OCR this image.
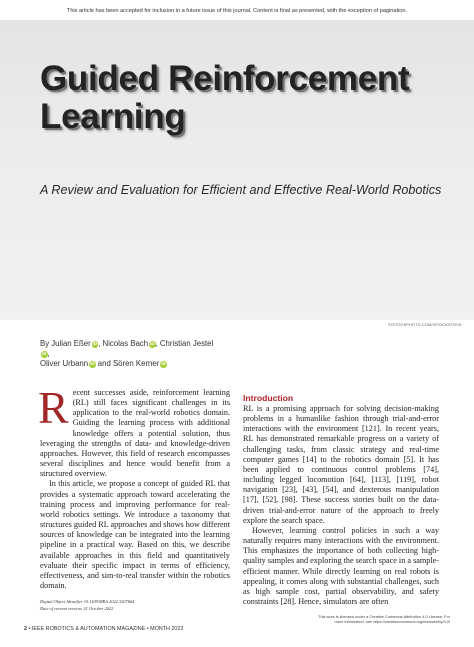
This article has been accepted for inclusion in a future issue of this journal. Content is final as presented, with the exception of pagination.
Guided Reinforcement
Learning
A Review and Evaluation for Efficient and Effective Real-World Robotics
©ISTOCKPHOTO.COM/ISTOCKSTOCK
By Julian Eßer iD, Nicolas Bach iD, Christian JesteliD,
Oliver Urbann iD and Sören Kerner iD

Recent successes aside, reinforcement learning (RL) still faces significant challenges in its application to the real-world robotics domain. Guiding the learning process with additional knowledge offers a potential solution, thus leveraging the strengths of data- and knowledge-driven approaches. However, this field of research encompasses several disciplines and hence would benefit from a structured overview.

In this article, we propose a concept of guided RL that provides a systematic approach toward accelerating the training process and improving performance for real-world robotics settings. We introduce a taxonomy that structures guided RL approaches and shows how different sources of knowledge can be integrated into the learning pipeline in a practical way. Based on this, we describe available approaches in this field and quantitatively evaluate their specific impact in terms of efficiency, effectiveness, and sim-to-real transfer within the robotics domain.

Digital Object Identifier 10.1109/MRA.2022.3207664
Date of current version: 21 October 2022
Introduction

RL is a promising approach for solving decision-making problems in a humanlike fashion through trial-and-error interactions with the environment [121]. In recent years, RL has demonstrated remarkable progress on a variety of challenging tasks, from classic strategy and real-time computer games [14] to the robotics domain [5]. It has been applied to continuous control problems [74], including legged locomotion [64], [113], [119], robot navigation [23], [43], [54], and dexterous manipulation [17], [52], [98]. These success stories built on the data-driven trial-and-error nature of the approach to freely explore the search space.

However, learning control policies in such a way naturally requires many interactions with the environment. This emphasizes the importance of both collecting high-quality samples and exploring the search space in a sample-efficient manner. While directly learning on real robots is appealing, it comes along with substantial challenges, such as high sample cost, partial observability, and safety constraints [28]. Hence, simulators are often

2 • IEEE ROBOTICS & AUTOMATION MAGAZINE • MONTH 2022
This work is licensed under a Creative Commons Attribution 4.0 License. For
more information, see https://creativecommons.org/licenses/by/4.0/
